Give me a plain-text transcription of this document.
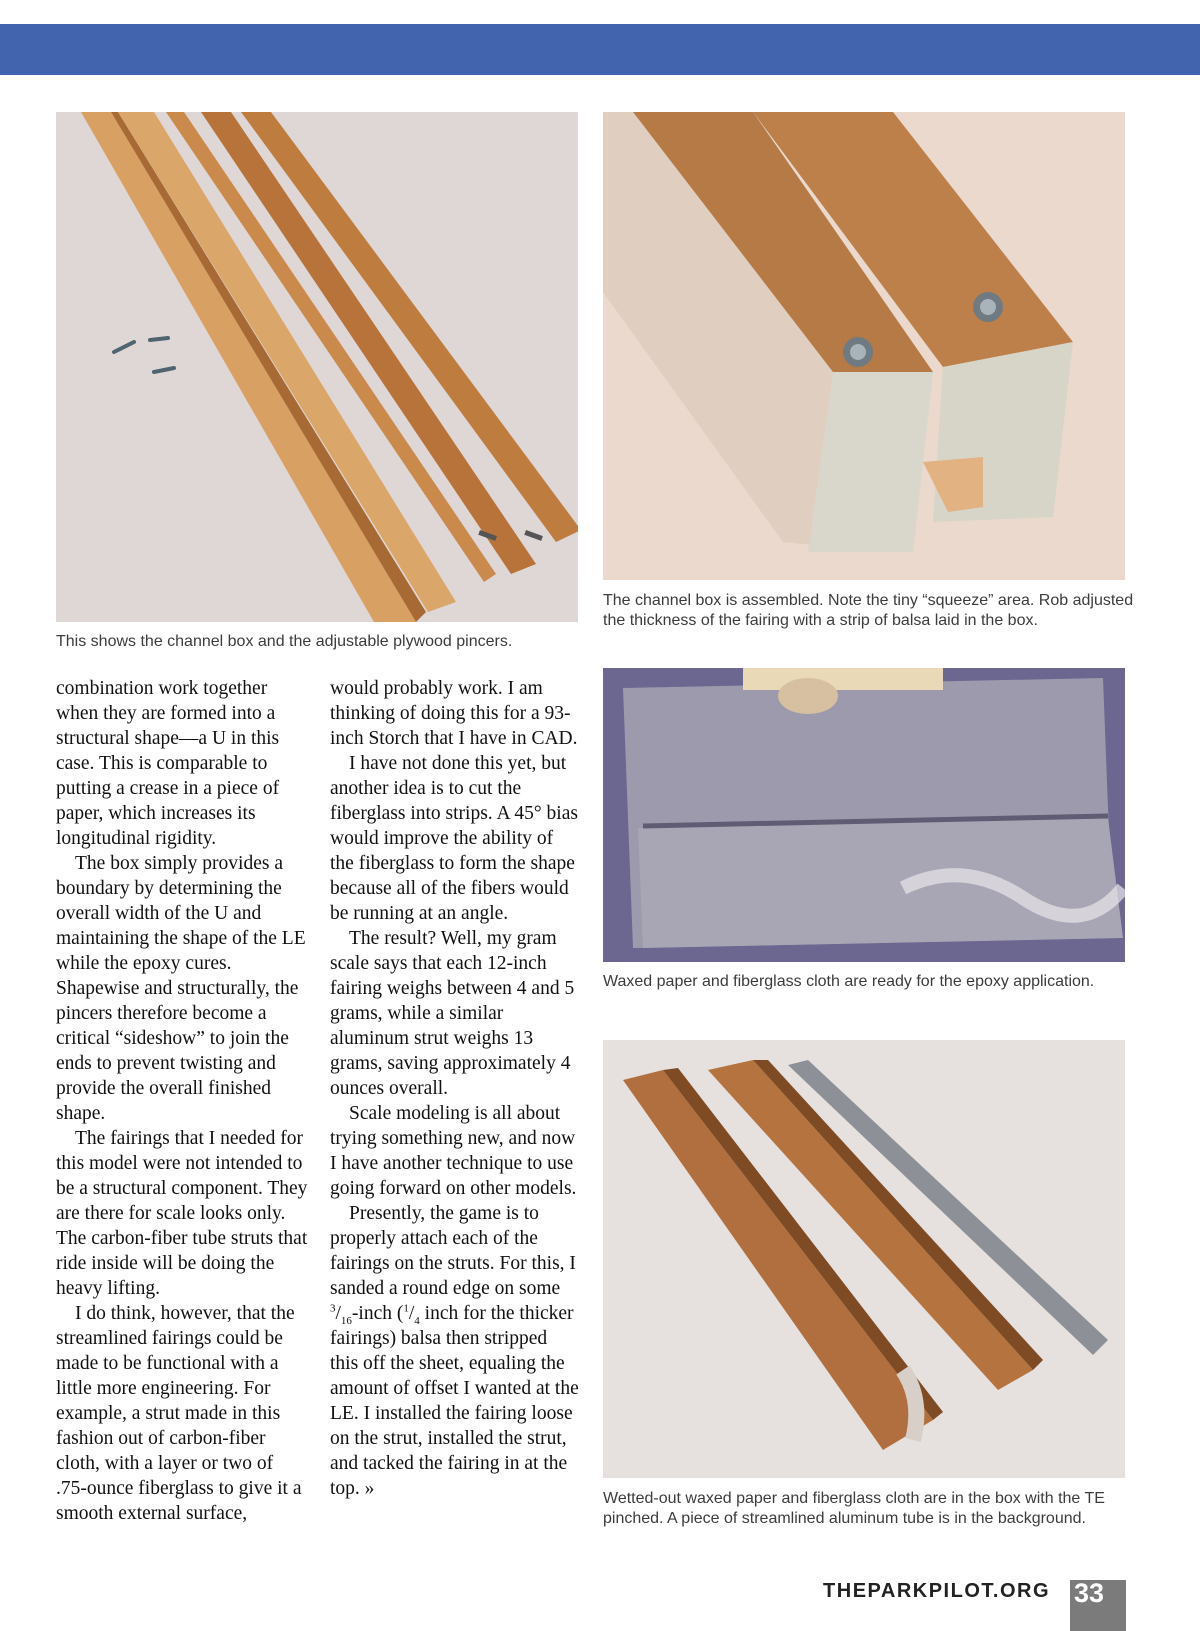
This shows the channel box and the adjustable plywood pincers.

The channel box is assembled. Note the tiny “squeeze” area. Rob adjusted the thickness of the fairing with a strip of balsa laid in the box.

Waxed paper and fiberglass cloth are ready for the epoxy application.

Wetted-out waxed paper and fiberglass cloth are in the box with the TE pinched. A piece of streamlined aluminum tube is in the background.

combination work together when they are formed into a structural shape—a U in this case. This is comparable to putting a crease in a piece of paper, which increases its longitudinal rigidity.

The box simply provides a boundary by determining the overall width of the U and maintaining the shape of the LE while the epoxy cures. Shapewise and structurally, the pincers therefore become a critical “sideshow” to join the ends to prevent twisting and provide the overall finished shape.

The fairings that I needed for this model were not intended to be a structural component. They are there for scale looks only. The carbon-fiber tube struts that ride inside will be doing the heavy lifting.

I do think, however, that the streamlined fairings could be made to be functional with a little more engineering. For example, a strut made in this fashion out of carbon-fiber cloth, with a layer or two of .75-ounce fiberglass to give it a smooth external surface,

would probably work. I am thinking of doing this for a 93-inch Storch that I have in CAD.

I have not done this yet, but another idea is to cut the fiberglass into strips. A 45° bias would improve the ability of the fiberglass to form the shape because all of the fibers would be running at an angle.

The result? Well, my gram scale says that each 12-inch fairing weighs between 4 and 5 grams, while a similar aluminum strut weighs 13 grams, saving approximately 4 ounces overall.

Scale modeling is all about trying something new, and now I have another technique to use going forward on other models.

Presently, the game is to properly attach each of the fairings on the struts. For this, I sanded a round edge on some $^3/_{16}$-inch ($^1/_4$ inch for the thicker fairings) balsa then stripped this off the sheet, equaling the amount of offset I wanted at the LE. I installed the fairing loose on the strut, installed the strut, and tacked the fairing in at the top. »

THEPARKPILOT.ORG 33
